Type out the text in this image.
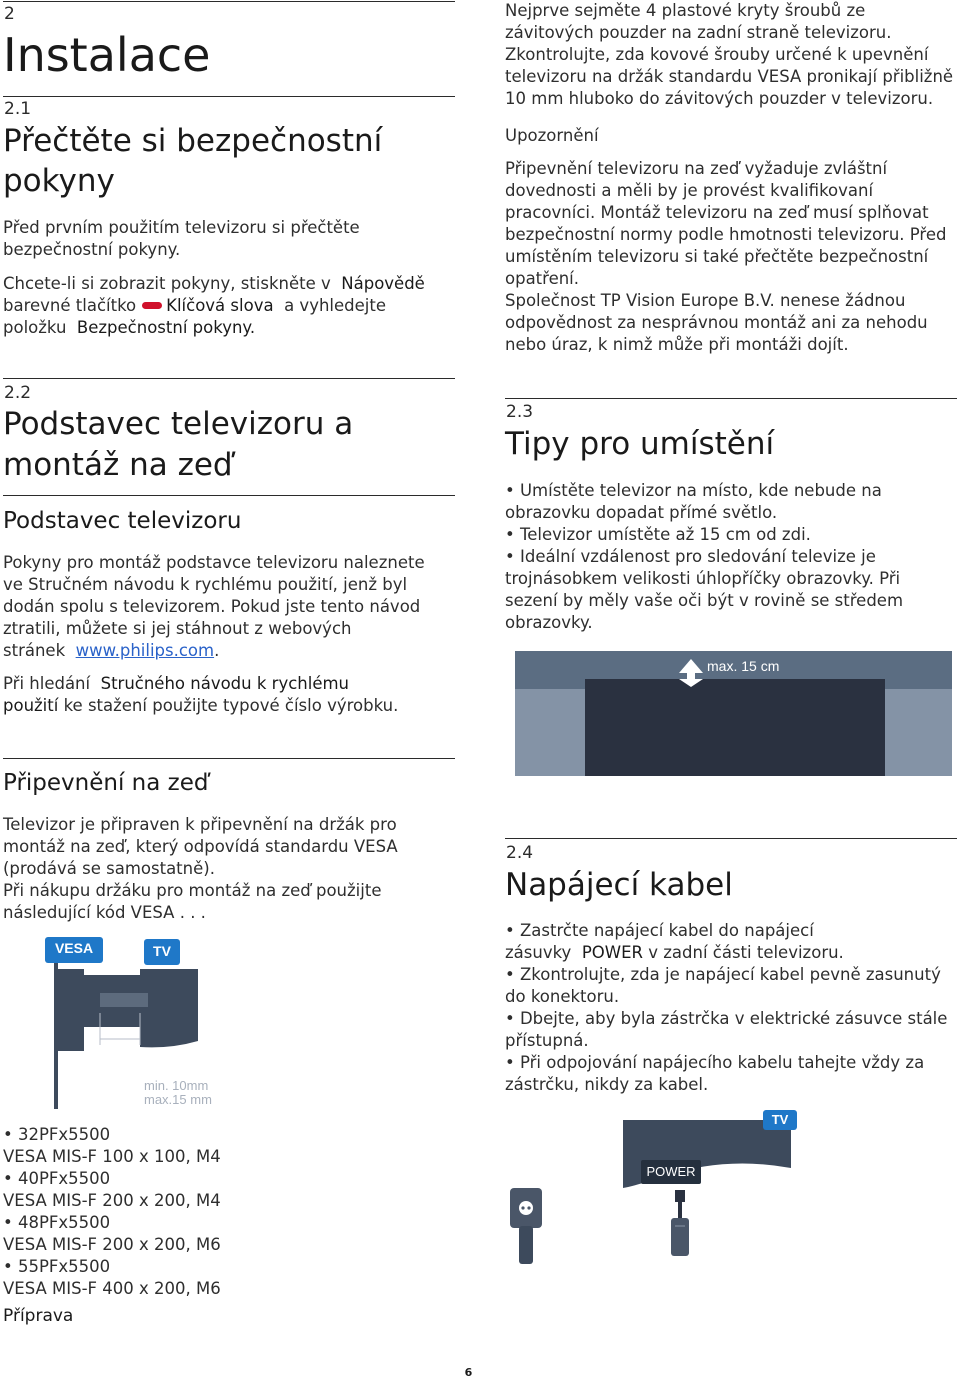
2
Instalace
2.1
Přečtěte si bezpečnostní
pokyny

Před prvním použitím televizoru si přečtěte

bezpečnostní pokyny.

Chcete-li si zobrazit pokyny, stiskněte v Nápovědě

barevné tlačítko Klíčová slova a vyhledejte

položku Bezpečnostní pokyny.

2.2
Podstavec televizoru a
montáž na zeď
Podstavec televizoru

Pokyny pro montáž podstavce televizoru naleznete

ve Stručném návodu k rychlému použití, jenž byl

dodán spolu s televizorem. Pokud jste tento návod

ztratili, můžete si jej stáhnout z webových

stránek www.philips.com.

Při hledání Stručného návodu k rychlému

použití ke stažení použijte typové číslo výrobku.

Připevnění na zeď

Televizor je připraven k připevnění na držák pro

montáž na zeď, který odpovídá standardu VESA

(prodává se samostatně).

Při nákupu držáku pro montáž na zeď použijte

následující kód VESA . . .

VESA	TV
min. 10mm
max.15 mm

• 32PFx5500

VESA MIS-F 100 x 100, M4

• 40PFx5500

VESA MIS-F 200 x 200, M4

• 48PFx5500

VESA MIS-F 200 x 200, M6

• 55PFx5500

VESA MIS-F 400 x 200, M6

Příprava

Nejprve sejměte 4 plastové kryty šroubů ze

závitových pouzder na zadní straně televizoru.

Zkontrolujte, zda kovové šrouby určené k upevnění

televizoru na držák standardu VESA pronikají přibližně

10 mm hluboko do závitových pouzder v televizoru.

Upozornění

Připevnění televizoru na zeď vyžaduje zvláštní

dovednosti a měli by je provést kvalifikovaní

pracovníci. Montáž televizoru na zeď musí splňovat

bezpečnostní normy podle hmotnosti televizoru. Před

umístěním televizoru si také přečtěte bezpečnostní

opatření.

Společnost TP Vision Europe B.V. nenese žádnou

odpovědnost za nesprávnou montáž ani za nehodu

nebo úraz, k nimž může při montáži dojít.

2.3
Tipy pro umístění

• Umístěte televizor na místo, kde nebude na

obrazovku dopadat přímé světlo.

• Televizor umístěte až 15 cm od zdi.

• Ideální vzdálenost pro sledování televize je

trojnásobkem velikosti úhlopříčky obrazovky. Při

sezení by měly vaše oči být v rovině se středem

obrazovky.

max. 15 cm
2.4
Napájecí kabel

• Zastrčte napájecí kabel do napájecí

zásuvky POWER v zadní části televizoru.

• Zkontrolujte, zda je napájecí kabel pevně zasunutý

do konektoru.

• Dbejte, aby byla zástrčka v elektrické zásuvce stále

přístupná.

• Při odpojování napájecího kabelu tahejte vždy za

zástrčku, nikdy za kabel.

TV
POWER
6
